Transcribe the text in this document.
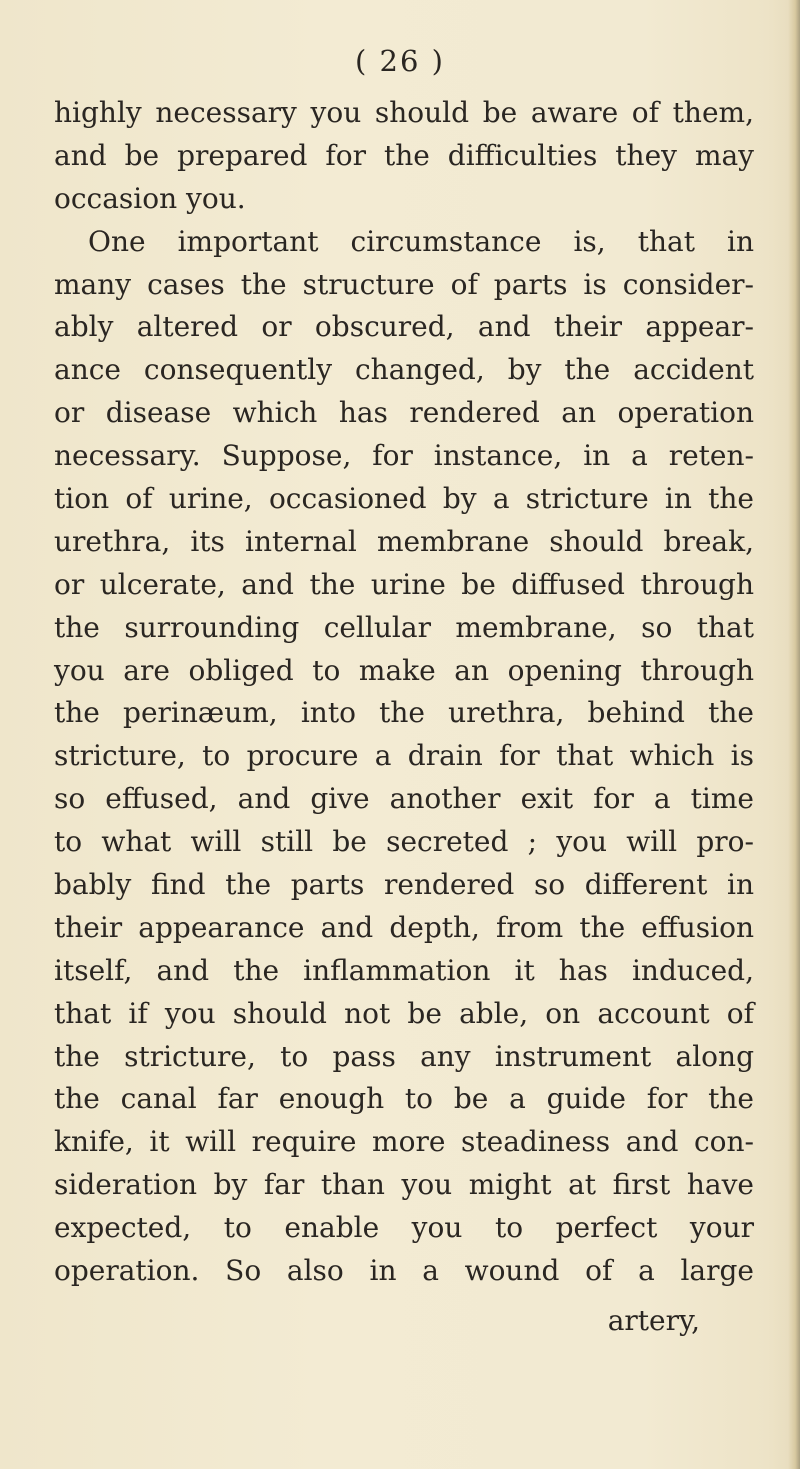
( 26 )
highly necessary you should be aware of them,
and be prepared for the difficulties they may
occasion you.
One important circumstance is, that in
many cases the structure of parts is consider-
ably altered or obscured, and their appear-
ance consequently changed, by the accident
or disease which has rendered an operation
necessary. Suppose, for instance, in a reten-
tion of urine, occasioned by a stricture in the
urethra, its internal membrane should break,
or ulcerate, and the urine be diffused through
the surrounding cellular membrane, so that
you are obliged to make an opening through
the perinæum, into the urethra, behind the
stricture, to procure a drain for that which is
so effused, and give another exit for a time
to what will still be secreted ; you will pro-
bably find the parts rendered so different in
their appearance and depth, from the effusion
itself, and the inflammation it has induced,
that if you should not be able, on account of
the stricture, to pass any instrument along
the canal far enough to be a guide for the
knife, it will require more steadiness and con-
sideration by far than you might at first have
expected, to enable you to perfect your
operation. So also in a wound of a large
artery,
